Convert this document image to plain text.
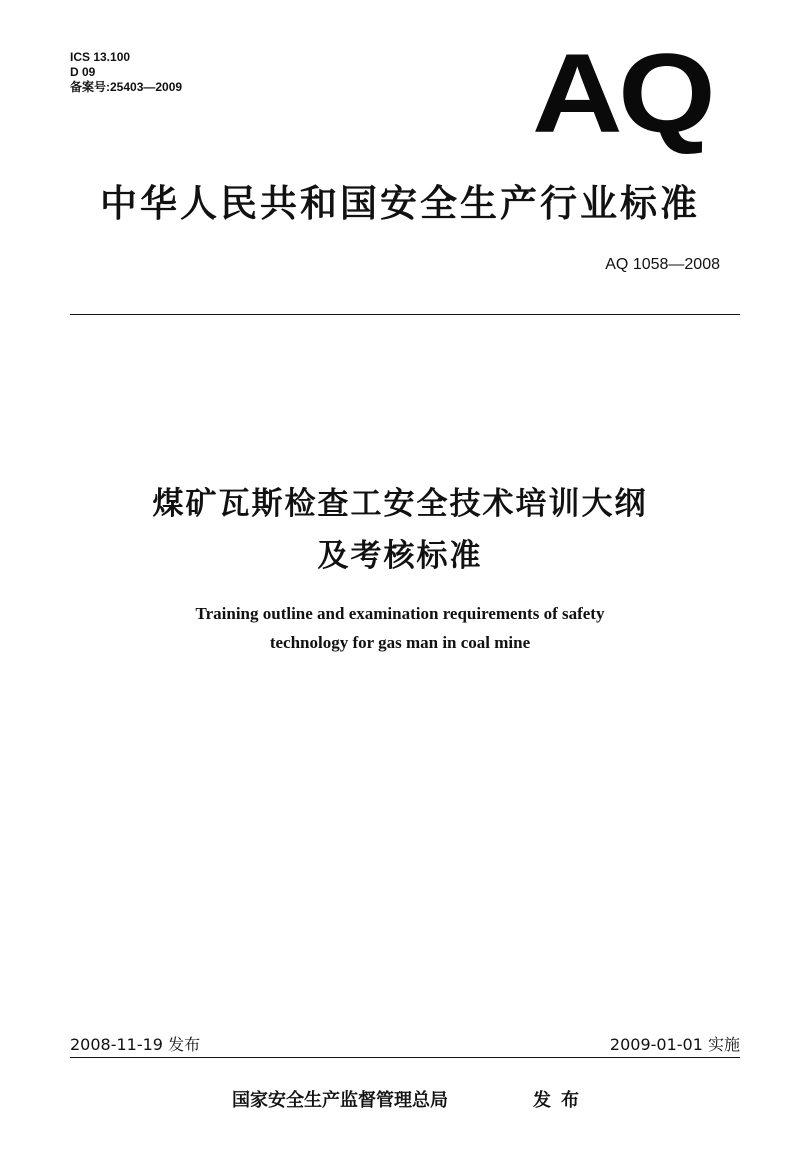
ICS 13.100
D 09
备案号:25403—2009	AQ
中华人民共和国安全生产行业标准
AQ 1058—2008
煤矿瓦斯检查工安全技术培训大纲
及考核标准
Training outline and examination requirements of safety
technology for gas man in coal mine
2008-11-19 发布	2009-01-01 实施
国家安全生产监督管理总局	发布
